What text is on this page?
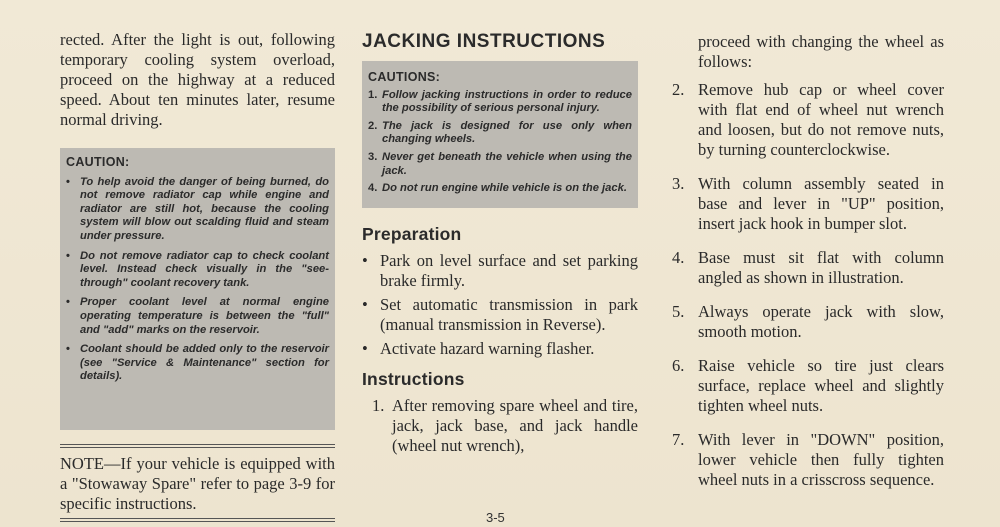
rected. After the light is out, following temporary cooling system overload, proceed on the highway at a reduced speed. About ten minutes later, resume normal driving.

CAUTION:
• To help avoid the danger of being burned, do not remove radiator cap while engine and radiator are still hot, because the cooling system will blow out scalding fluid and steam under pressure.
• Do not remove radiator cap to check coolant level. Instead check visually in the "see-through" coolant recovery tank.
• Proper coolant level at normal engine operating temperature is between the "full" and "add" marks on the reservoir.
• Coolant should be added only to the reservoir (see "Service & Maintenance" section for details).

NOTE—If your vehicle is equipped with a "Stowaway Spare" refer to page 3-9 for specific instructions.

JACKING INSTRUCTIONS
CAUTIONS:
1. Follow jacking instructions in order to reduce the possibility of serious personal injury.
2. The jack is designed for use only when changing wheels.
3. Never get beneath the vehicle when using the jack.
4. Do not run engine while vehicle is on the jack.
Preparation
• Park on level surface and set parking brake firmly.
• Set automatic transmission in park (manual transmission in Reverse).
• Activate hazard warning flasher.
Instructions
1. After removing spare wheel and tire, jack, jack base, and jack handle (wheel nut wrench),

proceed with changing the wheel as follows:

2. Remove hub cap or wheel cover with flat end of wheel nut wrench and loosen, but do not remove nuts, by turning counterclockwise.
3. With column assembly seated in base and lever in "UP" position, insert jack hook in bumper slot.
4. Base must sit flat with column angled as shown in illustration.
5. Always operate jack with slow, smooth motion.
6. Raise vehicle so tire just clears surface, replace wheel and slightly tighten wheel nuts.
7. With lever in "DOWN" position, lower vehicle then fully tighten wheel nuts in a crisscross sequence.
3-5
